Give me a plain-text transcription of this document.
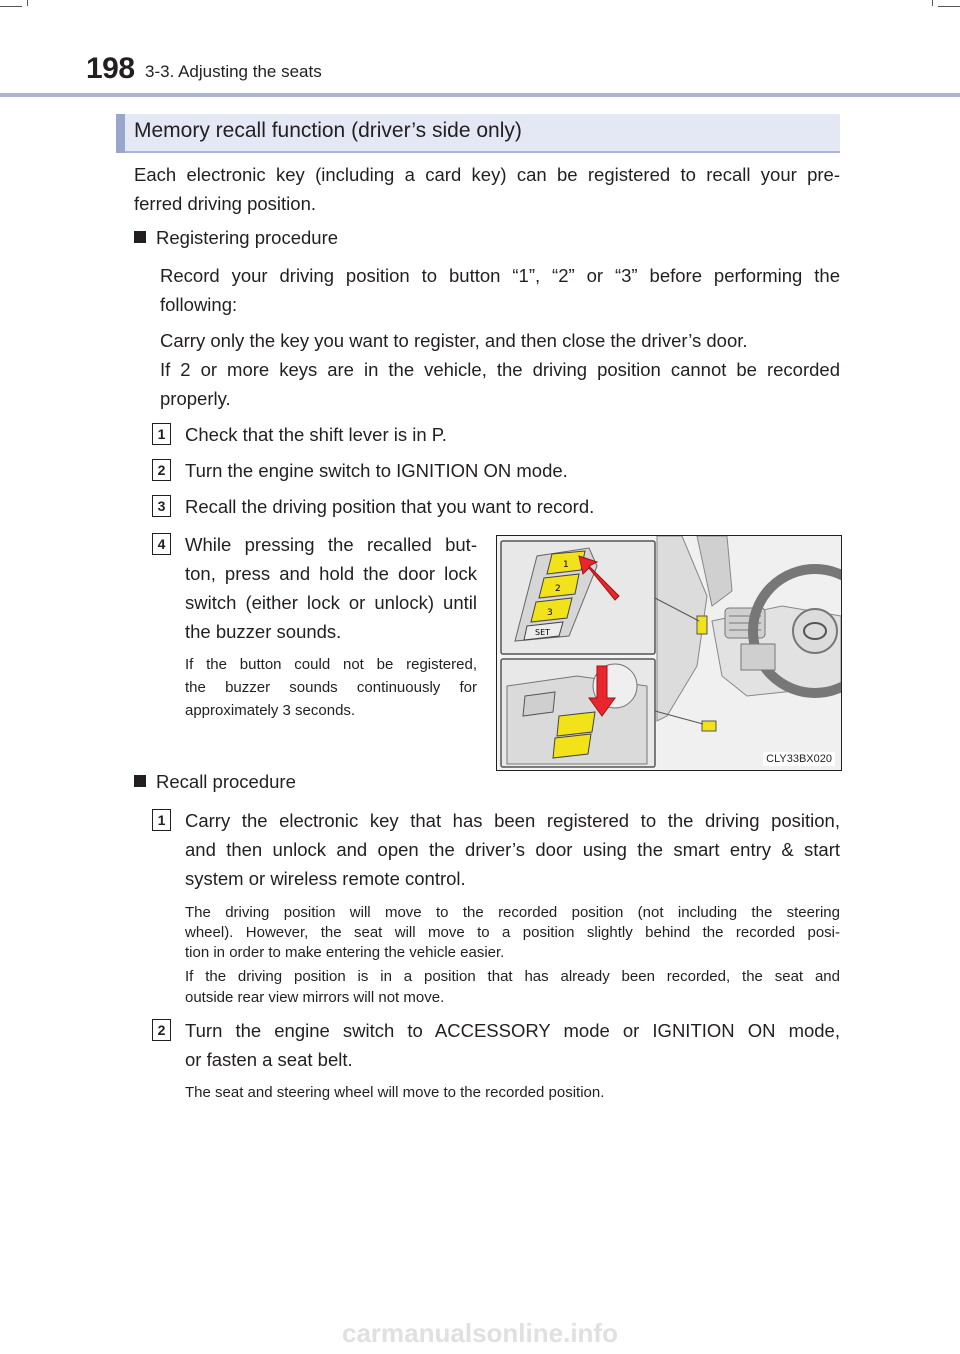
198 3-3. Adjusting the seats
Memory recall function (driver’s side only)
Each electronic key (including a card key) can be registered to recall your pre-
ferred driving position.
Registering procedure
Record your driving position to button “1”, “2” or “3” before performing the
following:
Carry only the key you want to register, and then close the driver’s door.
If 2 or more keys are in the vehicle, the driving position cannot be recorded
properly.
1	Check that the shift lever is in P.
2	Turn the engine switch to IGNITION ON mode.
3	Recall the driving position that you want to record.
4	While pressing the recalled but-
ton, press and hold the door lock
switch (either lock or unlock) until
the buzzer sounds.
If the button could not be registered,
the buzzer sounds continuously for
approximately 3 seconds.
1
2
3
SET
CLY33BX020
Recall procedure
1	Carry the electronic key that has been registered to the driving position,
and then unlock and open the driver’s door using the smart entry & start
system or wireless remote control.
The driving position will move to the recorded position (not including the steering
wheel). However, the seat will move to a position slightly behind the recorded posi-
tion in order to make entering the vehicle easier.
If the driving position is in a position that has already been recorded, the seat and
outside rear view mirrors will not move.
2	Turn the engine switch to ACCESSORY mode or IGNITION ON mode,
or fasten a seat belt.
The seat and steering wheel will move to the recorded position.
carmanualsonline.info
